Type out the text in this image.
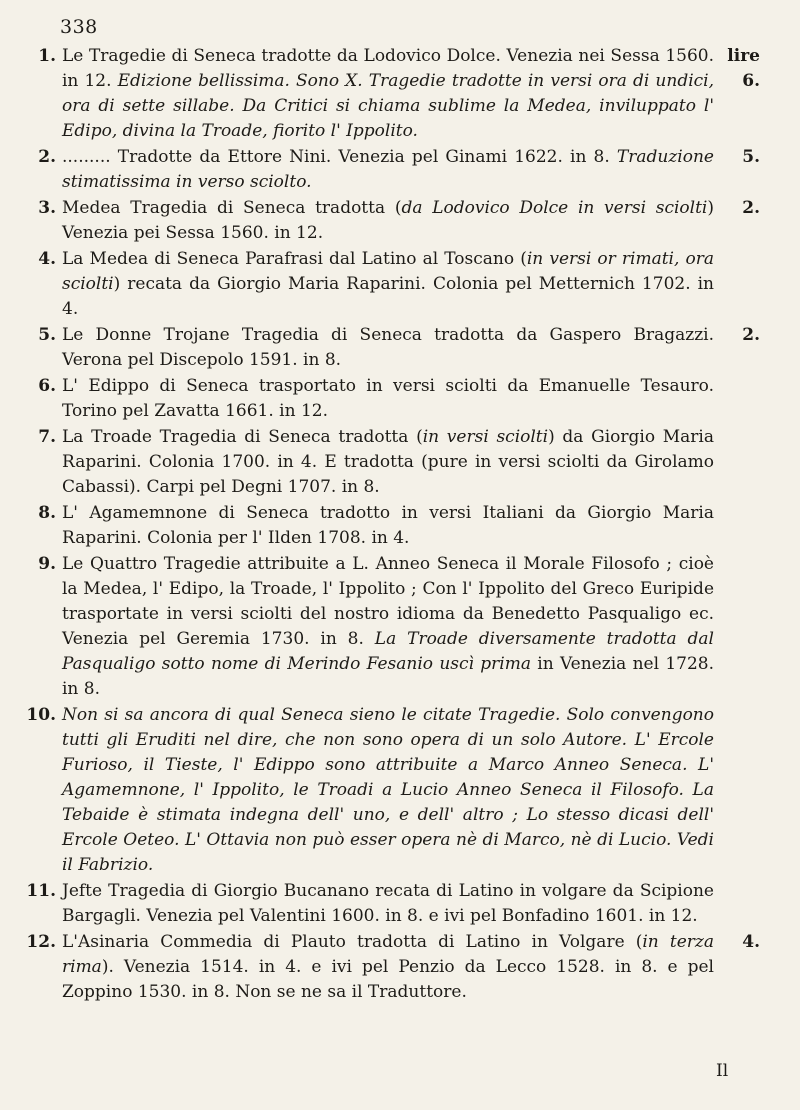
338
1. Le Tragedie di Seneca tradotte da Lodovico Dolce. Venezia nei Sessa 1560. in 12. Edizione bellissima. Sono X. Tragedie tradotte in versi ora di undici, ora di sette sillabe. Da Critici si chiama sublime la Medea, inviluppato l' Edipo, divina la Troade, fiorito l' Ippolito.
lire 6.
2. ......... Tradotte da Ettore Nini. Venezia pel Ginami 1622. in 8. Traduzione stimatissima in verso sciolto.
5.
3. Medea Tragedia di Seneca tradotta (da Lodovico Dolce in versi sciolti) Venezia pei Sessa 1560. in 12.
2.
4. La Medea di Seneca Parafrasi dal Latino al Toscano (in versi or rimati, ora sciolti) recata da Giorgio Maria Raparini. Colonia pel Metternich 1702. in 4.
5. Le Donne Trojane Tragedia di Seneca tradotta da Gaspero Bragazzi. Verona pel Discepolo 1591. in 8.
2.
6. L' Edippo di Seneca trasportato in versi sciolti da Emanuelle Tesauro. Torino pel Zavatta 1661. in 12.
7. La Troade Tragedia di Seneca tradotta (in versi sciolti) da Giorgio Maria Raparini. Colonia 1700. in 4. E tradotta (pure in versi sciolti da Girolamo Cabassi). Carpi pel Degni 1707. in 8.
8. L' Agamemnone di Seneca tradotto in versi Italiani da Giorgio Maria Raparini. Colonia per l' Ilden 1708. in 4.
9. Le Quattro Tragedie attribuite a L. Anneo Seneca il Morale Filosofo ; cioè la Medea, l' Edipo, la Troade, l' Ippolito ; Con l' Ippolito del Greco Euripide trasportate in versi sciolti del nostro idioma da Benedetto Pasqualigo ec. Venezia pel Geremia 1730. in 8. La Troade diversamente tradotta dal Pasqualigo sotto nome di Merindo Fesanio uscì prima in Venezia nel 1728. in 8.
10. Non si sa ancora di qual Seneca sieno le citate Tragedie. Solo convengono tutti gli Eruditi nel dire, che non sono opera di un solo Autore. L' Ercole Furioso, il Tieste, l' Edippo sono attribuite a Marco Anneo Seneca. L' Agamemnone, l' Ippolito, le Troadi a Lucio Anneo Seneca il Filosofo. La Tebaide è stimata indegna dell' uno, e dell' altro ; Lo stesso dicasi dell' Ercole Oeteo. L' Ottavia non può esser opera nè di Marco, nè di Lucio. Vedi il Fabrizio.
11. Jefte Tragedia di Giorgio Bucanano recata di Latino in volgare da Scipione Bargagli. Venezia pel Valentini 1600. in 8. e ivi pel Bonfadino 1601. in 12.
12. L'Asinaria Commedia di Plauto tradotta di Latino in Volgare (in terza rima). Venezia 1514. in 4. e ivi pel Penzio da Lecco 1528. in 8. e pel Zoppino 1530. in 8. Non se ne sa il Traduttore.
4.
Il
